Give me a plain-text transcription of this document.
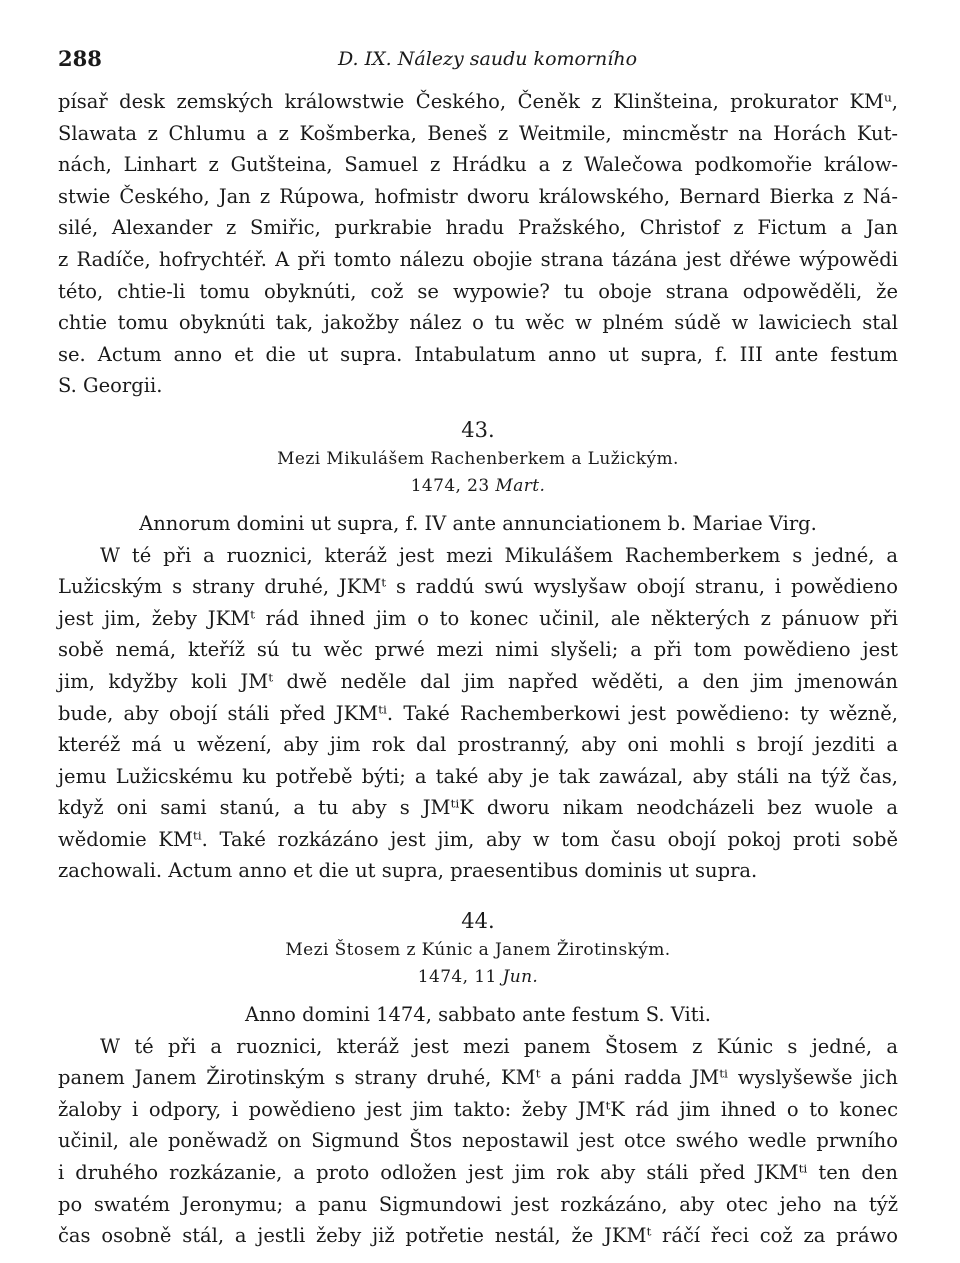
288	D. IX. Nálezy saudu komorního

písař desk zemských králowstwie Českého, Čeněk z Klinšteina, prokurator KMᵘ,

Slawata z Chlumu a z Košmberka, Beneš z Weitmile, mincměstr na Horách Kut-

nách, Linhart z Gutšteina, Samuel z Hrádku a z Walečowa podkomořie králow-

stwie Českého, Jan z Rúpowa, hofmistr dworu králowského, Bernard Bierka z Ná-

silé, Alexander z Smiřic, purkrabie hradu Pražského, Christof z Fictum a Jan

z Radíče, hofrychtéř. A při tomto nálezu obojie strana tázána jest dřéwe wýpowědi

této, chtie-li tomu obyknúti, což se wypowie? tu oboje strana odpowěděli, že

chtie tomu obyknúti tak, jakožby nález o tu wěc w plném súdě w lawiciech stal

se. Actum anno et die ut supra. Intabulatum anno ut supra, f. III ante festum

S. Georgii.

43.
Mezi Mikulášem Rachenberkem a Lužickým.
1474, 23 Mart.
Annorum domini ut supra, f. IV ante annunciationem b. Mariae Virg.

W té při a ruoznici, kteráž jest mezi Mikulášem Rachemberkem s jedné, a

Lužicským s strany druhé, JKMᵗ s raddú swú wyslyšaw obojí stranu, i powědieno

jest jim, žeby JKMᵗ rád ihned jim o to konec učinil, ale některých z pánuow při

sobě nemá, kteříž sú tu wěc prwé mezi nimi slyšeli; a při tom powědieno jest

jim, kdyžby koli JMᵗ dwě neděle dal jim napřed wěděti, a den jim jmenowán

bude, aby obojí stáli před JKMᵗⁱ. Také Rachemberkowi jest powědieno: ty wězně,

kteréž má u wězení, aby jim rok dal prostranný, aby oni mohli s brojí jezditi a

jemu Lužicskému ku potřebě býti; a také aby je tak zawázal, aby stáli na týž čas,

když oni sami stanú, a tu aby s JMᵗⁱK dworu nikam neodcházeli bez wuole a

wědomie KMᵗⁱ. Také rozkázáno jest jim, aby w tom času obojí pokoj proti sobě

zachowali. Actum anno et die ut supra, praesentibus dominis ut supra.

44.
Mezi Štosem z Kúnic a Janem Žirotinským.
1474, 11 Jun.
Anno domini 1474, sabbato ante festum S. Viti.

W té při a ruoznici, kteráž jest mezi panem Štosem z Kúnic s jedné, a

panem Janem Žirotinským s strany druhé, KMᵗ a páni radda JMᵗⁱ wyslyšewše jich

žaloby i odpory, i powědieno jest jim takto: žeby JMᵗK rád jim ihned o to konec

učinil, ale poněwadž on Sigmund Štos nepostawil jest otce swého wedle prwního

i druhého rozkázanie, a proto odložen jest jim rok aby stáli před JKMᵗⁱ ten den

po swatém Jeronymu; a panu Sigmundowi jest rozkázáno, aby otec jeho na týž

čas osobně stál, a jestli žeby již potřetie nestál, že JKMᵗ ráčí řeci což za práwo
